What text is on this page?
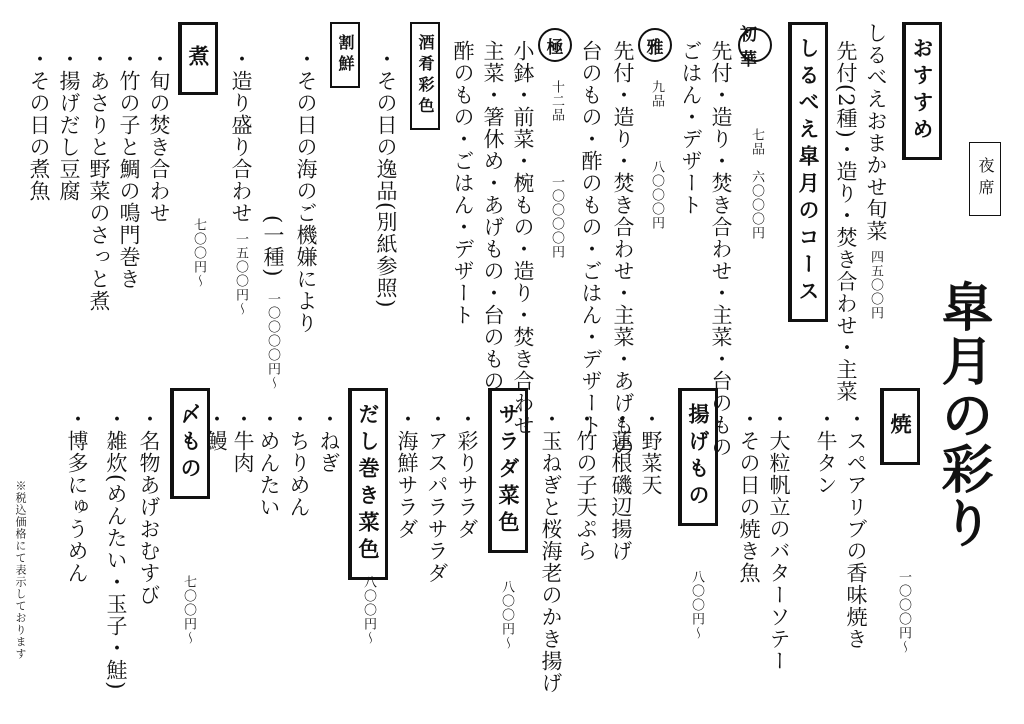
夜席
皐月の彩り
おすすめ
しるべえおまかせ旬菜
四五〇〇円
先付(2種)・造り・焚き合わせ・主菜
しるべえ皐月のコース
初華
七品
六〇〇〇円
先付・造り・焚き合わせ・主菜・台のもの
ごはん・デザート
雅
九品
八〇〇〇円
先付・造り・焚き合わせ・主菜・あげもの
台のもの・酢のもの・ごはん・デザート
極
十二品
一〇〇〇〇円
小鉢・前菜・椀もの・造り・焚き合わせ
主菜・箸休め・あげもの・台のもの
酢のもの・ごはん・デザート
酒肴彩色
・その日の逸品(別紙参照)
割鮮
・その日の海のご機嫌により
(一種)
一〇〇〇〇円〜
・造り盛り合わせ
一五〇〇円〜
煮
七〇〇円〜
・旬の焚き合わせ
・竹の子と鯛の鳴門巻き
・あさりと野菜のさっと煮
・揚げだし豆腐
・その日の煮魚
焼
・スペアリブの香味焼き
・牛タン
・大粒帆立のバターソテー
・その日の焼き魚
一〇〇〇円〜
揚げもの
八〇〇円〜
・野菜天
・蓮根磯辺揚げ
・竹の子天ぷら
・玉ねぎと桜海老のかき揚げ
サラダ菜色
八〇〇円〜
・彩りサラダ
・アスパラサラダ
・海鮮サラダ
だし巻き菜色
八〇〇円〜
・ねぎ
・ちりめん
・めんたい
・牛肉
・鰻
〆もの
七〇〇円〜
・名物あげおむすび
・雑炊(めんたい・玉子・鮭)
・博多にゅうめん
※税込価格にて表示しております
